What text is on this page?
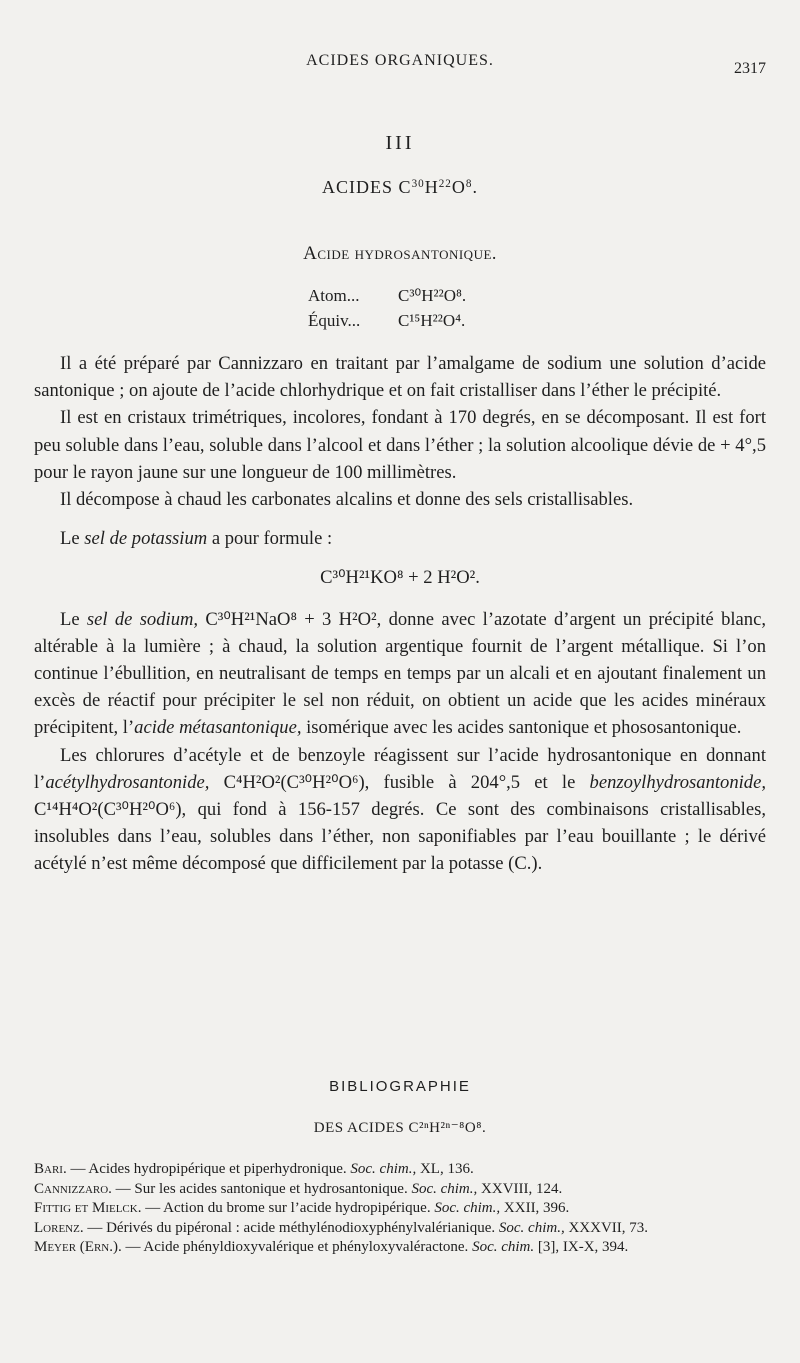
ACIDES ORGANIQUES.	2317
III
ACIDES $C^{30}H^{22}O^8$.
Acide hydrosantonique.
Atom... C³⁰H²²O⁸.
Équiv... C¹⁵H²²O⁴.

Il a été préparé par Cannizzaro en traitant par l’amalgame de sodium une solution d’acide santonique ; on ajoute de l’acide chlorhydrique et on fait cristalliser dans l’éther le précipité.

Il est en cristaux trimétriques, incolores, fondant à 170 degrés, en se décomposant. Il est fort peu soluble dans l’eau, soluble dans l’alcool et dans l’éther ; la solution alcoolique dévie de + 4°,5 pour le rayon jaune sur une longueur de 100 millimètres.

Il décompose à chaud les carbonates alcalins et donne des sels cristallisables.

Le sel de potassium a pour formule :

C³⁰H²¹KO⁸ + 2 H²O².

Le sel de sodium, C³⁰H²¹NaO⁸ + 3 H²O², donne avec l’azotate d’argent un précipité blanc, altérable à la lumière ; à chaud, la solution argentique fournit de l’argent métallique. Si l’on continue l’ébullition, en neutralisant de temps en temps par un alcali et en ajoutant finalement un excès de réactif pour précipiter le sel non réduit, on obtient un acide que les acides minéraux précipitent, l’acide métasantonique, isomérique avec les acides santonique et phososantonique.

Les chlorures d’acétyle et de benzoyle réagissent sur l’acide hydrosantonique en donnant l’acétylhydrosantonide, C⁴H²O²(C³⁰H²⁰O⁶), fusible à 204°,5 et le benzoylhydrosantonide, C¹⁴H⁴O²(C³⁰H²⁰O⁶), qui fond à 156-157 degrés. Ce sont des combinaisons cristallisables, insolubles dans l’eau, solubles dans l’éther, non saponifiables par l’eau bouillante ; le dérivé acétylé n’est même décomposé que difficilement par la potasse (C.).

BIBLIOGRAPHIE
DES ACIDES C²ⁿH²ⁿ⁻⁸O⁸.

Bari. — Acides hydropipérique et piperhydronique. Soc. chim., XL, 136.

Cannizzaro. — Sur les acides santonique et hydrosantonique. Soc. chim., XXVIII, 124.

Fittig et Mielck. — Action du brome sur l’acide hydropipérique. Soc. chim., XXII, 396.

Lorenz. — Dérivés du pipéronal : acide méthylénodioxyphénylvalérianique. Soc. chim., XXXVII, 73.

Meyer (Ern.). — Acide phényldioxyvalérique et phényloxyvaléractone. Soc. chim. [3], IX-X, 394.
